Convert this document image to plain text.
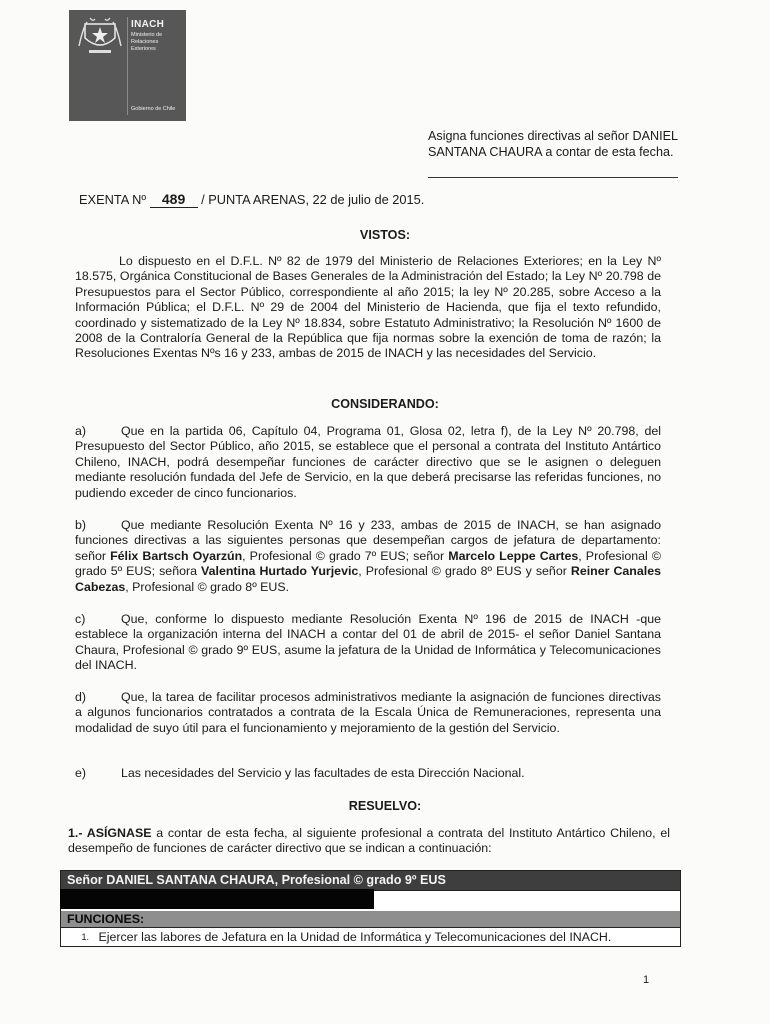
INACH
Ministerio de Relaciones Exteriores
Gobierno de Chile
Asigna funciones directivas al señor DANIEL SANTANA CHAURA a contar de esta fecha.
EXENTA Nº 489 / PUNTA ARENAS, 22 de julio de 2015.
VISTOS:
Lo dispuesto en el D.F.L. Nº 82 de 1979 del Ministerio de Relaciones Exteriores; en la Ley Nº 18.575, Orgánica Constitucional de Bases Generales de la Administración del Estado; la Ley Nº 20.798 de Presupuestos para el Sector Público, correspondiente al año 2015; la ley Nº 20.285, sobre Acceso a la Información Pública; el D.F.L. Nº 29 de 2004 del Ministerio de Hacienda, que fija el texto refundido, coordinado y sistematizado de la Ley Nº 18.834, sobre Estatuto Administrativo; la Resolución Nº 1600 de 2008 de la Contraloría General de la República que fija normas sobre la exención de toma de razón; la Resoluciones Exentas Nºs 16 y 233, ambas de 2015 de INACH y las necesidades del Servicio.
CONSIDERANDO:
a)	Que en la partida 06, Capítulo 04, Programa 01, Glosa 02, letra f), de la Ley Nº 20.798, del Presupuesto del Sector Público, año 2015, se establece que el personal a contrata del Instituto Antártico Chileno, INACH, podrá desempeñar funciones de carácter directivo que se le asignen o deleguen mediante resolución fundada del Jefe de Servicio, en la que deberá precisarse las referidas funciones, no pudiendo exceder de cinco funcionarios.
b)	Que mediante Resolución Exenta Nº 16 y 233, ambas de 2015 de INACH, se han asignado funciones directivas a las siguientes personas que desempeñan cargos de jefatura de departamento: señor Félix Bartsch Oyarzún, Profesional © grado 7º EUS; señor Marcelo Leppe Cartes, Profesional © grado 5º EUS; señora Valentina Hurtado Yurjevic, Profesional © grado 8º EUS y señor Reiner Canales Cabezas, Profesional © grado 8º EUS.
c)	Que, conforme lo dispuesto mediante Resolución Exenta Nº 196 de 2015 de INACH -que establece la organización interna del INACH a contar del 01 de abril de 2015- el señor Daniel Santana Chaura, Profesional © grado 9º EUS, asume la jefatura de la Unidad de Informática y Telecomunicaciones del INACH.
d)	Que, la tarea de facilitar procesos administrativos mediante la asignación de funciones directivas a algunos funcionarios contratados a contrata de la Escala Única de Remuneraciones, representa una modalidad de suyo útil para el funcionamiento y mejoramiento de la gestión del Servicio.
e)	Las necesidades del Servicio y las facultades de esta Dirección Nacional.
RESUELVO:
1.- ASÍGNASE a contar de esta fecha, al siguiente profesional a contrata del Instituto Antártico Chileno, el desempeño de funciones de carácter directivo que se indican a continuación:
Señor DANIEL SANTANA CHAURA, Profesional © grado 9º EUS
FUNCIONES:
1. Ejercer las labores de Jefatura en la Unidad de Informática y Telecomunicaciones del INACH.
1
